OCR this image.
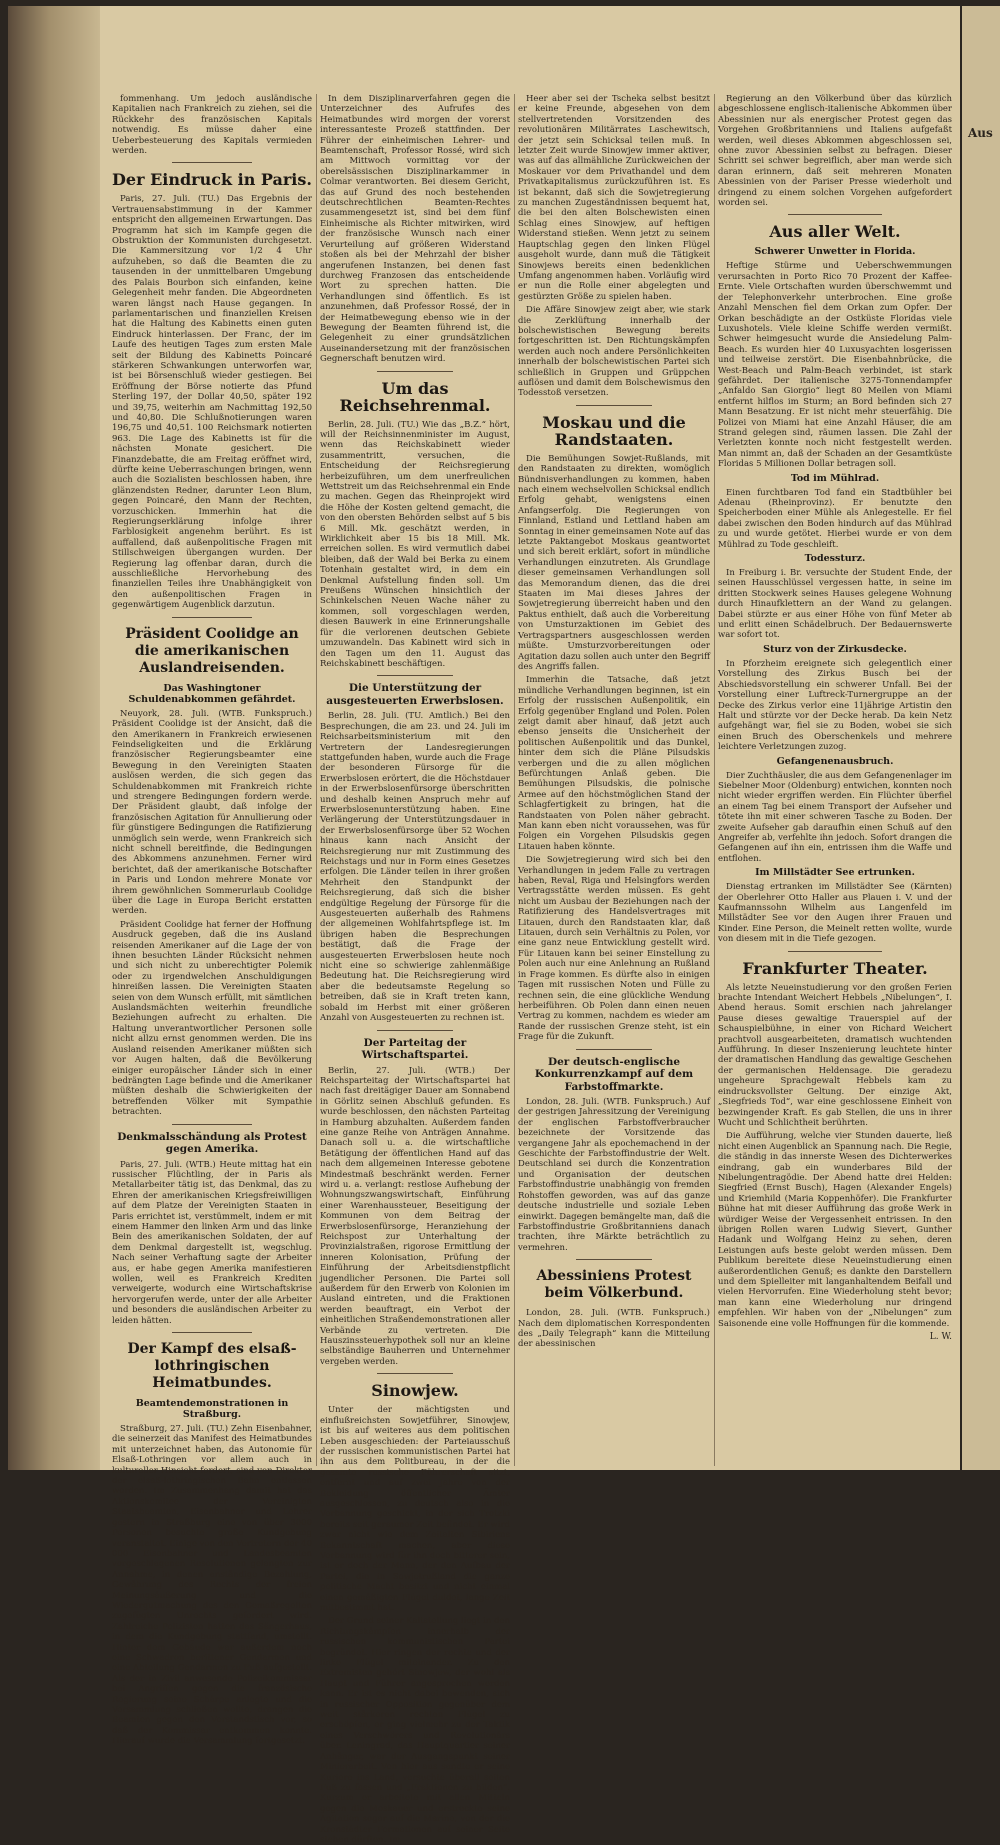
fommenhang. Um jedoch ausländische Kapitalien nach Frankreich zu ziehen, sei die Rückkehr des französischen Kapitals notwendig. Es müsse daher eine Ueberbesteuerung des Kapitals vermieden werden.

Der Eindruck in Paris.

Paris, 27. Juli. (TU.) Das Ergebnis der Vertrauensabstimmung in der Kammer entspricht den allgemeinen Erwartungen. Das Programm hat sich im Kampfe gegen die Obstruktion der Kommunisten durchgesetzt. Die Kammersitzung vor 1/2 4 Uhr aufzuheben, so daß die Beamten die zu tausenden in der unmittelbaren Umgebung des Palais Bourbon sich einfanden, keine Gelegenheit mehr fanden. Die Abgeordneten waren längst nach Hause gegangen. In parlamentarischen und finanziellen Kreisen hat die Haltung des Kabinetts einen guten Eindruck hinterlassen. Der Franc, der im Laufe des heutigen Tages zum ersten Male seit der Bildung des Kabinetts Poincaré stärkeren Schwankungen unterworfen war, ist bei Börsenschluß wieder gestiegen. Bei Eröffnung der Börse notierte das Pfund Sterling 197, der Dollar 40,50, später 192 und 39,75, weiterhin am Nachmittag 192,50 und 40,80. Die Schlußnotierungen waren 196,75 und 40,51. 100 Reichsmark notierten 963. Die Lage des Kabinetts ist für die nächsten Monate gesichert. Die Finanzdebatte, die am Freitag eröffnet wird, dürfte keine Ueberraschungen bringen, wenn auch die Sozialisten beschlossen haben, ihre glänzendsten Redner, darunter Leon Blum, gegen Poincaré, den Mann der Rechten, vorzuschicken. Immerhin hat die Regierungserklärung infolge ihrer Farblosigkeit angenehm berührt. Es ist auffallend, daß außenpolitische Fragen mit Stillschweigen übergangen wurden. Der Regierung lag offenbar daran, durch die ausschließliche Hervorhebung des finanziellen Teiles ihre Unabhängigkeit von den außenpolitischen Fragen in gegenwärtigem Augenblick darzutun.

Präsident Coolidge an die amerikanischen Auslandreisenden.
Das Washingtoner Schuldenabkommen gefährdet.

Neuyork, 28. Juli. (WTB. Funkspruch.) Präsident Coolidge ist der Ansicht, daß die den Amerikanern in Frankreich erwiesenen Feindseligkeiten und die Erklärung französischer Regierungsbeamter eine Bewegung in den Vereinigten Staaten auslösen werden, die sich gegen das Schuldenabkommen mit Frankreich richte und strengere Bedingungen fordern werde. Der Präsident glaubt, daß infolge der französischen Agitation für Annullierung oder für günstigere Bedingungen die Ratifizierung unmöglich sein werde, wenn Frankreich sich nicht schnell bereitfinde, die Bedingungen des Abkommens anzunehmen. Ferner wird berichtet, daß der amerikanische Botschafter in Paris und London mehrere Monate vor ihrem gewöhnlichen Sommerurlaub Coolidge über die Lage in Europa Bericht erstatten werden.

Präsident Coolidge hat ferner der Hoffnung Ausdruck gegeben, daß die ins Ausland reisenden Amerikaner auf die Lage der von ihnen besuchten Länder Rücksicht nehmen und sich nicht zu unberechtigter Polemik oder zu irgendwelchen Anschuldigungen hinreißen lassen. Die Vereinigten Staaten seien von dem Wunsch erfüllt, mit sämtlichen Auslandsmächten weiterhin freundliche Beziehungen aufrecht zu erhalten. Die Haltung unverantwortlicher Personen solle nicht allzu ernst genommen werden. Die ins Ausland reisenden Amerikaner müßten sich vor Augen halten, daß die Bevölkerung einiger europäischer Länder sich in einer bedrängten Lage befinde und die Amerikaner müßten deshalb die Schwierigkeiten der betreffenden Völker mit Sympathie betrachten.

Denkmalsschändung als Protest gegen Amerika.

Paris, 27. Juli. (WTB.) Heute mittag hat ein russischer Flüchtling, der in Paris als Metallarbeiter tätig ist, das Denkmal, das zu Ehren der amerikanischen Kriegsfreiwilligen auf dem Platze der Vereinigten Staaten in Paris errichtet ist, verstümmelt, indem er mit einem Hammer den linken Arm und das linke Bein des amerikanischen Soldaten, der auf dem Denkmal dargestellt ist, wegschlug. Nach seiner Verhaftung sagte der Arbeiter aus, er habe gegen Amerika manifestieren wollen, weil es Frankreich Krediten verweigerte, wodurch eine Wirtschaftskrise hervorgerufen werde, unter der alle Arbeiter und besonders die ausländischen Arbeiter zu leiden hätten.

Der Kampf des elsaß-lothringischen Heimatbundes.
Beamtendemonstrationen in Straßburg.

Straßburg, 27. Juli. (TU.) Zehn Eisenbahner, die seinerzeit das Manifest des Heimatbundes mit unterzeichnet haben, das Autonomie für Elsaß-Lothringen vor allem auch in kultureller Hinsicht fordert, sind von Direktor der elsaß-lothringischen Bahn entlassen worden. Im Zusammenhang damit hat das Aktionskomitee der Vereinigten Staatsbeamten, Eisenbahner und Lehrer gestern in Straßburg eine von über 3000 Personen besuchte große Kundgebung veranstaltet. Einige von den Vertretern der 40 000 Eisenbahner und Landesbeamten vorgeschlagenen Resolutionen gelangten zur Annahme, in denen anständige Bezahlung, Gewährung des Rechts der freien Meinungsäußerung und die Wiedergutmachung des den Gemaßregelten zugefügten Unrechts gefordert wird. Zahlreiche Polizisten hatten das Sängerhaus, in dem die Kundgebung stattfand, umstellt. Hinter dem Gebäude war außerdem noch eine Schwadron berittener Gendarmen und eine Abteilung Gendarmen zu Fuß aufgestellt. Als der in Zivil anwesende Polizeikommissar bei Angriffen gegen die französische Regierung seine Schärpe anlegte und die Versammlung schließen wollte, drangen die Beamten gegen den Vorstandstisch vor, so daß der Kommissar entkommen konnte. Hierauf wurde die Versammlung fortgesetzt.

In dem Disziplinarverfahren gegen die Unterzeichner des Aufrufes des Heimatbundes wird morgen der vorerst interessanteste Prozeß stattfinden. Der Führer der einheimischen Lehrer- und Beamtenschaft, Professor Rossé, wird sich am Mittwoch vormittag vor der oberelsässischen Disziplinarkammer in Colmar verantworten. Bei diesem Gericht, das auf Grund des noch bestehenden deutschrechtlichen Beamten-Rechtes zusammengesetzt ist, sind bei dem fünf Einheimische als Richter mitwirken, wird der französische Wunsch nach einer Verurteilung auf größeren Widerstand stoßen als bei der Mehrzahl der bisher angerufenen Instanzen, bei denen fast durchweg Franzosen das entscheidende Wort zu sprechen hatten. Die Verhandlungen sind öffentlich. Es ist anzunehmen, daß Professor Rossé, der in der Heimatbewegung ebenso wie in der Bewegung der Beamten führend ist, die Gelegenheit zu einer grundsätzlichen Auseinandersetzung mit der französischen Gegnerschaft benutzen wird.

Um das Reichsehrenmal.

Berlin, 28. Juli. (TU.) Wie das „B.Z.“ hört, will der Reichsinnenminister im August, wenn das Reichskabinett wieder zusammentritt, versuchen, die Entscheidung der Reichsregierung herbeizuführen, um dem unerfreulichen Wettstreit um das Reichsehrenmal ein Ende zu machen. Gegen das Rheinprojekt wird die Höhe der Kosten geltend gemacht, die von den obersten Behörden selbst auf 5 bis 6 Mill. Mk. geschätzt werden, in Wirklichkeit aber 15 bis 18 Mill. Mk. erreichen sollen. Es wird vermutlich dabei bleiben, daß der Wald bei Berka zu einem Totenhain gestaltet wird, in dem ein Denkmal Aufstellung finden soll. Um Preußens Wünschen hinsichtlich der Schinkelschen Neuen Wache näher zu kommen, soll vorgeschlagen werden, diesen Bauwerk in eine Erinnerungshalle für die verlorenen deutschen Gebiete umzuwandeln. Das Kabinett wird sich in den Tagen um den 11. August das Reichskabinett beschäftigen.

Die Unterstützung der ausgesteuerten Erwerbslosen.

Berlin, 28. Juli. (TU. Amtlich.) Bei den Besprechungen, die am 23. und 24. Juli im Reichsarbeitsministerium mit den Vertretern der Landesregierungen stattgefunden haben, wurde auch die Frage der besonderen Fürsorge für die Erwerbslosen erörtert, die die Höchstdauer in der Erwerbslosenfürsorge überschritten und deshalb keinen Anspruch mehr auf Erwerbslosenunterstützung haben. Eine Verlängerung der Unterstützungsdauer in der Erwerbslosenfürsorge über 52 Wochen hinaus kann nach Ansicht der Reichsregierung nur mit Zustimmung des Reichstags und nur in Form eines Gesetzes erfolgen. Die Länder teilen in ihrer großen Mehrheit den Standpunkt der Reichsregierung, daß sich die bisher endgültige Regelung der Fürsorge für die Ausgesteuerten außerhalb des Rahmens der allgemeinen Wohlfahrtspflege ist. Im übrigen haben die Besprechungen bestätigt, daß die Frage der ausgesteuerten Erwerbslosen heute noch nicht eine so schwierige zahlenmäßige Bedeutung hat. Die Reichsregierung wird aber die bedeutsamste Regelung so betreiben, daß sie in Kraft treten kann, sobald im Herbst mit einer größeren Anzahl von Ausgesteuerten zu rechnen ist.

Der Parteitag der Wirtschaftspartei.

Berlin, 27. Juli. (WTB.) Der Reichsparteitag der Wirtschaftspartei hat nach fast dreitägiger Dauer am Sonnabend in Görlitz seinen Abschluß gefunden. Es wurde beschlossen, den nächsten Parteitag in Hamburg abzuhalten. Außerdem fanden eine ganze Reihe von Anträgen Annahme. Danach soll u. a. die wirtschaftliche Betätigung der öffentlichen Hand auf das nach dem allgemeinen Interesse gebotene Mindestmaß beschränkt werden. Ferner wird u. a. verlangt: restlose Aufhebung der Wohnungszwangswirtschaft, Einführung einer Warenhaussteuer, Beseitigung der Kommunen von dem Beitrag der Erwerbslosenfürsorge, Heranziehung der Reichspost zur Unterhaltung der Provinzialstraßen, rigorose Ermittlung der inneren Kolonisation, Prüfung der Einführung der Arbeitsdienstpflicht jugendlicher Personen. Die Partei soll außerdem für den Erwerb von Kolonien im Ausland eintreten, und die Fraktionen werden beauftragt, ein Verbot der einheitlichen Straßendemonstrationen aller Verbände zu vertreten. Die Hauszinssteuerhypothek soll nur an kleine selbständige Bauherren und Unternehmer vergeben werden.

Sinowjew.

Unter der mächtigsten und einflußreichsten Sowjetführer, Sinowjew, ist bis auf weiteres aus dem politischen Leben ausgeschieden: der Parteiausschuß der russischen kommunistischen Partei hat ihn aus dem Politbureau, in der die gesamte russische Führerschaft sitzt, entfernt und auf zwei Jahre von der Bekleidung öffentlicher Ämter ausgeschlossen, zu deutsch also in die Verbannung geschickt, in der sich Trotzki bereits seit geraumer Zeit befindet. Er wird zwar nicht wie dem Zeitalten Sibiriens Bekanntschaft machen, aber diese Verbannung wird für ihn doch bitterer sein, ist er doch der Mann, der den Aufbau der Partei, die in Sowjetrußland die ganze politische Macht besitzt und nicht einmal einen gemäßigten Flügel duldet, lange Zeit mitbestimmt hat.

Der Grund seiner Kaltstellung liegt in den Richtungskämpfen innerhalb der russischen kommunistischen Partei begründet. Hier ringen der rechte und der linke Flügel miteinander. Zu den Extremisten gehört Sinowjew, der wohl als Haupt und Führer angesprochen werden kann. Er ist es nicht dabei bewenden, sich in russischer Opposition gegenüber dem weit stärkeren rechten Flügel zu erschöpfen, er ging vielmehr zu der Taktik eines Verschwörers und Revolutionärs über. Leningrad, das Hauptquartier seiner Anhänger, war der Ausgangspunkt seiner Minierarbeit. Von hier aus sandte er seine Kuriere ins Land, versuchte überall seiten Fuß zu fassen und „Fraktionen zu bilden“. Kurzum er arbeitete mit allen Mitteln gegen die Moskauer und erstreckte seine Agitation sogar auf die Marine, von der die Kronstädter Formationen auf seiner Seite stehen dürften. Im

Heer aber sei der Tscheka selbst besitzt er keine Freunde, abgesehen von dem stellvertretenden Vorsitzenden des revolutionären Militärrates Laschewitsch, der jetzt sein Schicksal teilen muß. In letzter Zeit wurde Sinowjew immer aktiver, was auf das allmähliche Zurückweichen der Moskauer vor dem Privathandel und dem Privatkapitalismus zurückzuführen ist. Es ist bekannt, daß sich die Sowjetregierung zu manchen Zugeständnissen bequemt hat, die bei den alten Bolschewisten einen Schlag eines Sinowjew, auf heftigen Widerstand stießen. Wenn jetzt zu seinem Hauptschlag gegen den linken Flügel ausgeholt wurde, dann muß die Tätigkeit Sinowjews bereits einen bedenklichen Umfang angenommen haben. Vorläufig wird er nun die Rolle einer abgelegten und gestürzten Größe zu spielen haben.

Die Affäre Sinowjew zeigt aber, wie stark die Zerklüftung innerhalb der bolschewistischen Bewegung bereits fortgeschritten ist. Den Richtungskämpfen werden auch noch andere Persönlichkeiten innerhalb der bolschewistischen Partei sich schließlich in Gruppen und Grüppchen auflösen und damit dem Bolschewismus den Todesstoß versetzen.

Moskau und die Randstaaten.

Die Bemühungen Sowjet-Rußlands, mit den Randstaaten zu direkten, womöglich Bündnisverhandlungen zu kommen, haben nach einem wechselvollen Schicksal endlich Erfolg gehabt, wenigstens einen Anfangserfolg. Die Regierungen von Finnland, Estland und Lettland haben am Sonntag in einer gemeinsamen Note auf das letzte Paktangebot Moskaus geantwortet und sich bereit erklärt, sofort in mündliche Verhandlungen einzutreten. Als Grundlage dieser gemeinsamen Verhandlungen soll das Memorandum dienen, das die drei Staaten im Mai dieses Jahres der Sowjetregierung überreicht haben und den Paktus enthielt, daß auch die Vorbereitung von Umsturzaktionen im Gebiet des Vertragspartners ausgeschlossen werden müßte. Umsturzvorbereitungen oder Agitation dazu sollen auch unter den Begriff des Angriffs fallen.

Immerhin die Tatsache, daß jetzt mündliche Verhandlungen beginnen, ist ein Erfolg der russischen Außenpolitik, ein Erfolg gegenüber England und Polen. Polen zeigt damit aber hinauf, daß jetzt auch ebenso jenseits die Unsicherheit der politischen Außenpolitik und das Dunkel, hinter dem sich die Pläne Pilsudskis verbergen und die zu allen möglichen Befürchtungen Anlaß geben. Die Bemühungen Pilsudskis, die polnische Armee auf den höchstmöglichen Stand der Schlagfertigkeit zu bringen, hat die Randstaaten von Polen näher gebracht. Man kann eben nicht voraussehen, was für Folgen ein Vorgehen Pilsudskis gegen Litauen haben könnte.

Die Sowjetregierung wird sich bei den Verhandlungen in jedem Falle zu vertragen haben, Reval, Riga und Helsingfors werden Vertragsstätte werden müssen. Es geht nicht um Ausbau der Beziehungen nach der Ratifizierung des Handelsvertrages mit Litauen, durch den Randstaaten klar, daß Litauen, durch sein Verhältnis zu Polen, vor eine ganz neue Entwicklung gestellt wird. Für Litauen kann bei seiner Einstellung zu Polen auch nur eine Anlehnung an Rußland in Frage kommen. Es dürfte also in einigen Tagen mit russischen Noten und Fülle zu rechnen sein, die eine glückliche Wendung herbeiführen. Ob Polen dann einen neuen Vertrag zu kommen, nachdem es wieder am Rande der russischen Grenze steht, ist ein Frage für die Zukunft.

Der deutsch-englische Konkurrenzkampf auf dem Farbstoffmarkte.

London, 28. Juli. (WTB. Funkspruch.) Auf der gestrigen Jahressitzung der Vereinigung der englischen Farbstoffverbraucher bezeichnete der Vorsitzende das vergangene Jahr als epochemachend in der Geschichte der Farbstoffindustrie der Welt. Deutschland sei durch die Konzentration und Organisation der deutschen Farbstoffindustrie unabhängig von fremden Rohstoffen geworden, was auf das ganze deutsche industrielle und soziale Leben einwirkt. Dagegen bemängelte man, daß die Farbstoffindustrie Großbritanniens danach trachten, ihre Märkte beträchtlich zu vermehren.

Abessiniens Protest beim Völkerbund.

London, 28. Juli. (WTB. Funkspruch.) Nach dem diplomatischen Korrespondenten des „Daily Telegraph“ kann die Mitteilung der abessinischen

Regierung an den Völkerbund über das kürzlich abgeschlossene englisch-italienische Abkommen über Abessinien nur als energischer Protest gegen das Vorgehen Großbritanniens und Italiens aufgefaßt werden, weil dieses Abkommen abgeschlossen sei, ohne zuvor Abessinien selbst zu befragen. Dieser Schritt sei schwer begreiflich, aber man werde sich daran erinnern, daß seit mehreren Monaten Abessinien von der Pariser Presse wiederholt und dringend zu einem solchen Vorgehen aufgefordert worden sei.

Aus aller Welt.
Schwerer Unwetter in Florida.

Heftige Stürme und Ueberschwemmungen verursachten in Porto Rico 70 Prozent der Kaffee-Ernte. Viele Ortschaften wurden überschwemmt und der Telephonverkehr unterbrochen. Eine große Anzahl Menschen fiel dem Orkan zum Opfer. Der Orkan beschädigte an der Ostküste Floridas viele Luxushotels. Viele kleine Schiffe werden vermißt. Schwer heimgesucht wurde die Ansiedelung Palm-Beach. Es wurden hier 40 Luxusyachten losgerissen und teilweise zerstört. Die Eisenbahnbrücke, die West-Beach und Palm-Beach verbindet, ist stark gefährdet. Der italienische 3275-Tonnendampfer „Anfaldo San Giorgio“ liegt 80 Meilen von Miami entfernt hilflos im Sturm; an Bord befinden sich 27 Mann Besatzung. Er ist nicht mehr steuerfähig. Die Polizei von Miami hat eine Anzahl Häuser, die am Strand gelegen sind, räumen lassen. Die Zahl der Verletzten konnte noch nicht festgestellt werden. Man nimmt an, daß der Schaden an der Gesamtküste Floridas 5 Millionen Dollar betragen soll.

Tod im Mühlrad.

Einen furchtbaren Tod fand ein Stadtbühler bei Adenau (Rheinprovinz). Er benutzte den Speicherboden einer Mühle als Anlegestelle. Er fiel dabei zwischen den Boden hindurch auf das Mühlrad zu und wurde getötet. Hierbei wurde er von dem Mühlrad zu Tode geschleift.

Todessturz.

In Freiburg i. Br. versuchte der Student Ende, der seinen Hausschlüssel vergessen hatte, in seine im dritten Stockwerk seines Hauses gelegene Wohnung durch Hinaufklettern an der Wand zu gelangen. Dabei stürzte er aus einer Höhe von fünf Meter ab und erlitt einen Schädelbruch. Der Bedauernswerte war sofort tot.

Sturz von der Zirkusdecke.

In Pforzheim ereignete sich gelegentlich einer Vorstellung des Zirkus Busch bei der Abschiedsvorstellung ein schwerer Unfall. Bei der Vorstellung einer Luftreck-Turnergruppe an der Decke des Zirkus verlor eine 11jährige Artistin den Halt und stürzte vor der Decke herab. Da kein Netz aufgehängt war, fiel sie zu Boden, wobei sie sich einen Bruch des Oberschenkels und mehrere leichtere Verletzungen zuzog.

Gefangenenausbruch.

Dier Zuchthäusler, die aus dem Gefangenenlager im Siebelner Moor (Oldenburg) entwichen, konnten noch nicht wieder ergriffen werden. Ein Flüchter überfiel an einem Tag bei einem Transport der Aufseher und tötete ihn mit einer schweren Tasche zu Boden. Der zweite Aufseher gab daraufhin einen Schuß auf den Angreifer ab, verfehlte ihn jedoch. Sofort drangen die Gefangenen auf ihn ein, entrissen ihm die Waffe und entflohen.

Im Millstädter See ertrunken.

Dienstag ertranken im Millstädter See (Kärnten) der Oberlehrer Otto Haller aus Plauen i. V. und der Kaufmannssohn Wilhelm aus Langenfeld im Millstädter See vor den Augen ihrer Frauen und Kinder. Eine Person, die Meinelt retten wollte, wurde von diesem mit in die Tiefe gezogen.

Frankfurter Theater.

Als letzte Neueinstudierung vor den großen Ferien brachte Intendant Weichert Hebbels „Nibelungen“, I. Abend heraus. Somit erschien nach jahrelanger Pause dieses gewaltige Trauerspiel auf der Schauspielbühne, in einer von Richard Weichert prachtvoll ausgearbeiteten, dramatisch wuchtenden Aufführung. In dieser Inszenierung leuchtete hinter der dramatischen Handlung das gewaltige Geschehen der germanischen Heldensage. Die geradezu ungeheure Sprachgewalt Hebbels kam zu eindrucksvollster Geltung. Der einzige Akt, „Siegfrieds Tod“, war eine geschlossene Einheit von bezwingender Kraft. Es gab Stellen, die uns in ihrer Wucht und Schlichtheit berührten.

Die Aufführung, welche vier Stunden dauerte, ließ nicht einen Augenblick an Spannung nach. Die Regie, die ständig in das innerste Wesen des Dichterwerkes eindrang, gab ein wunderbares Bild der Nibelungentragödie. Der Abend hatte drei Helden: Siegfried (Ernst Busch), Hagen (Alexander Engels) und Kriemhild (Maria Koppenhöfer). Die Frankfurter Bühne hat mit dieser Aufführung das große Werk in würdiger Weise der Vergessenheit entrissen. In den übrigen Rollen waren Ludwig Sievert, Gunther Hadank und Wolfgang Heinz zu sehen, deren Leistungen aufs beste gelobt werden müssen. Dem Publikum bereitete diese Neueinstudierung einen außerordentlichen Genuß; es dankte den Darstellern und dem Spielleiter mit langanhaltendem Beifall und vielen Hervorrufen. Eine Wiederholung steht bevor; man kann eine Wiederholung nur dringend empfehlen. Wir haben von der „Nibelungen“ zum Saisonende eine volle Hoffnungen für die kommende.

L. W.
Aus
